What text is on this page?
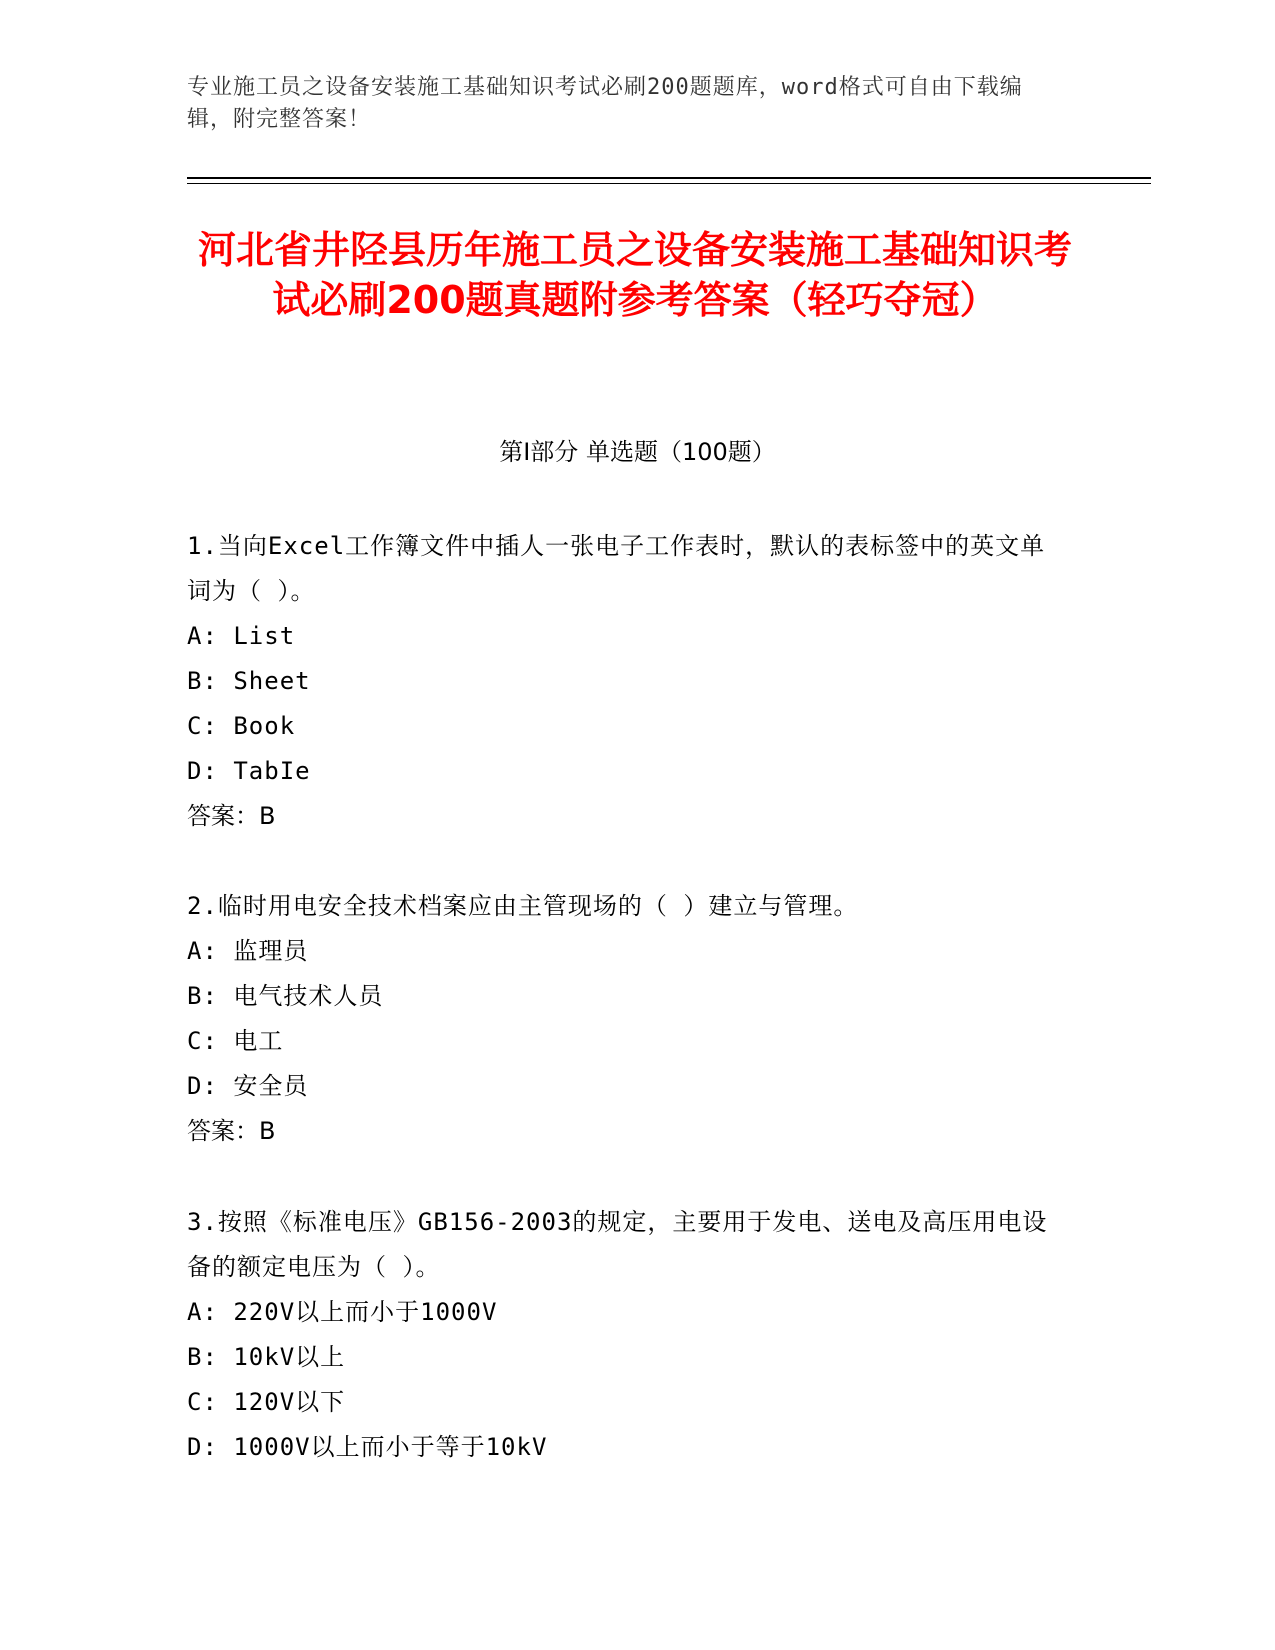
专业施工员之设备安装施工基础知识考试必刷200题题库，word格式可自由下载编辑，附完整答案！
河北省井陉县历年施工员之设备安装施工基础知识考试必刷200题真题附参考答案（轻巧夺冠）
第I部分 单选题（100题）

1.当向Excel工作簿文件中插人一张电子工作表时，默认的表标签中的英文单词为（ ）。

A: List

B: Sheet

C: Book

D: TabIe

答案：B

2.临时用电安全技术档案应由主管现场的（ ）建立与管理。

A: 监理员

B: 电气技术人员

C: 电工

D: 安全员

答案：B

3.按照《标准电压》GB156-2003的规定，主要用于发电、送电及高压用电设备的额定电压为（ ）。

A: 220V以上而小于1000V

B: 10kV以上

C: 120V以下

D: 1000V以上而小于等于10kV
